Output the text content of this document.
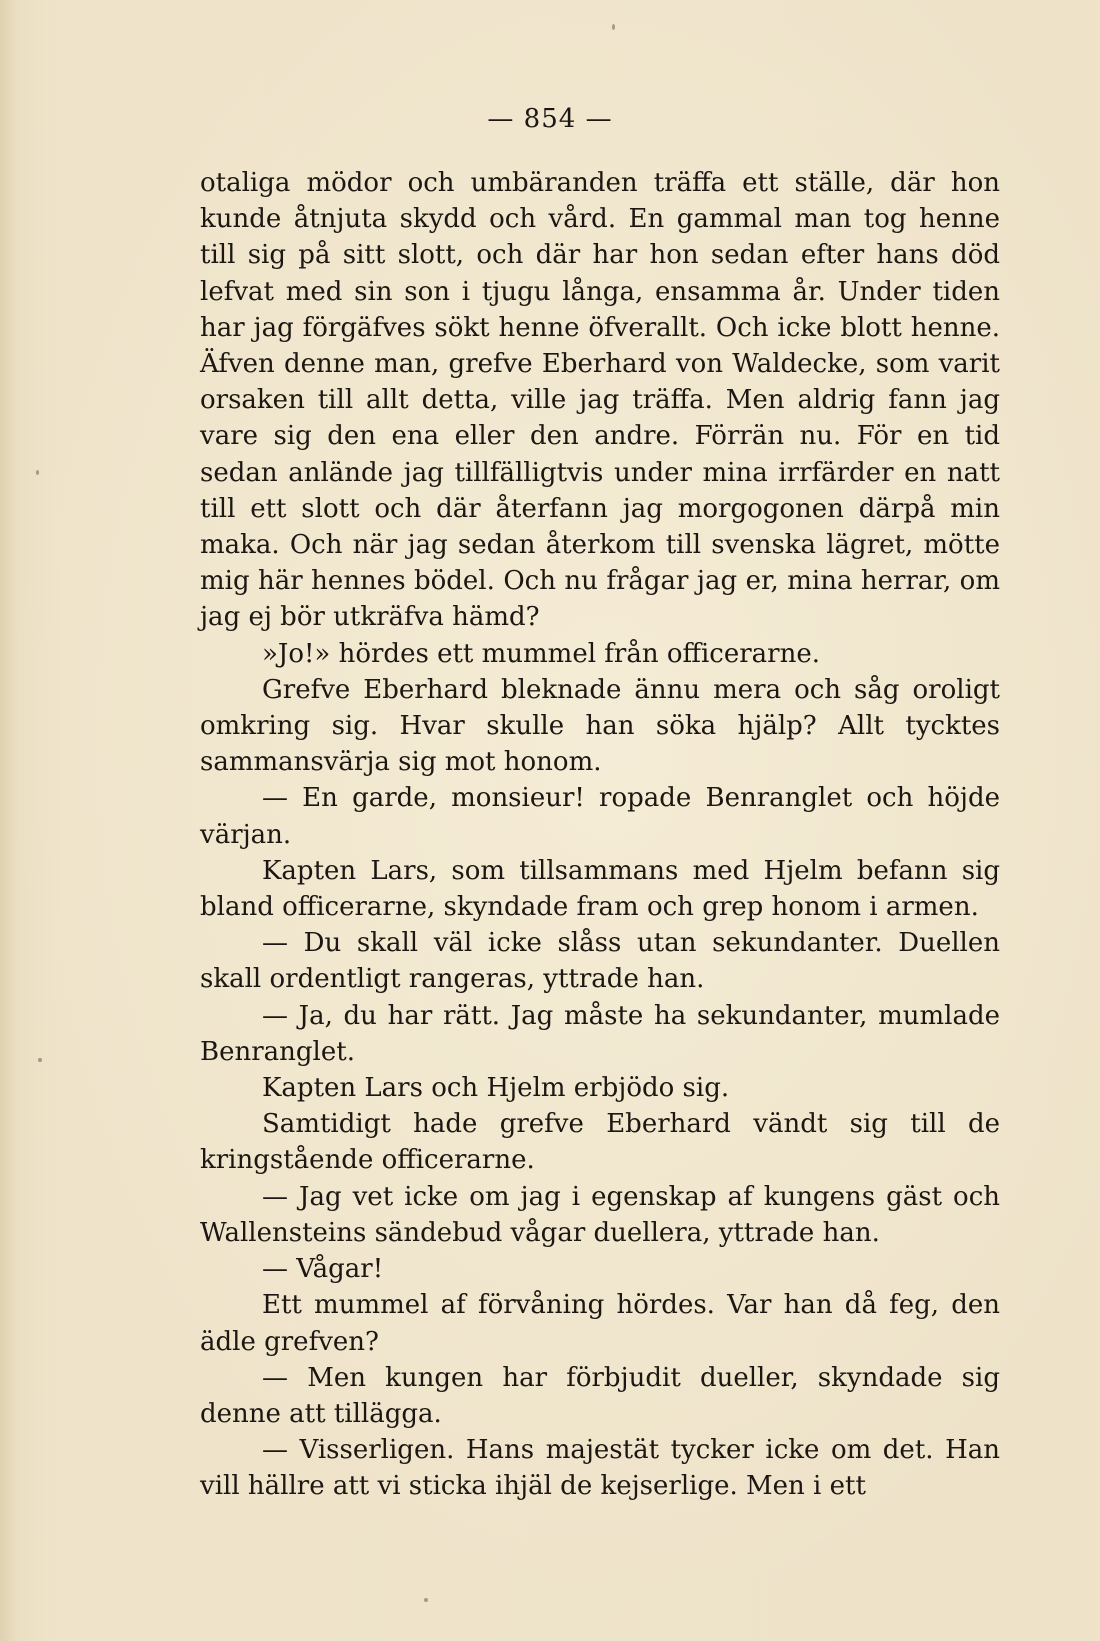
— 854 —

otaliga mödor och umbäranden träffa ett ställe, där hon kunde åtnjuta skydd och vård. En gammal man tog henne till sig på sitt slott, och där har hon sedan efter hans död lefvat med sin son i tjugu långa, ensamma år. Under tiden har jag förgäfves sökt henne öfverallt. Och icke blott henne. Äfven denne man, grefve Eberhard von Waldecke, som varit orsaken till allt detta, ville jag träffa. Men aldrig fann jag vare sig den ena eller den andre. Förrän nu. För en tid sedan anlände jag tillfälligtvis under mina irrfärder en natt till ett slott och där återfann jag morgogonen därpå min maka. Och när jag sedan återkom till svenska lägret, mötte mig här hennes bödel. Och nu frågar jag er, mina herrar, om jag ej bör utkräfva hämd?

»Jo!» hördes ett mummel från officerarne.

Grefve Eberhard bleknade ännu mera och såg oroligt omkring sig. Hvar skulle han söka hjälp? Allt tycktes sammansvärja sig mot honom.

— En garde, monsieur! ropade Benranglet och höjde värjan.

Kapten Lars, som tillsammans med Hjelm befann sig bland officerarne, skyndade fram och grep honom i armen.

— Du skall väl icke slåss utan sekundanter. Duellen skall ordentligt rangeras, yttrade han.

— Ja, du har rätt. Jag måste ha sekundanter, mumlade Benranglet.

Kapten Lars och Hjelm erbjödo sig.

Samtidigt hade grefve Eberhard vändt sig till de kringstående officerarne.

— Jag vet icke om jag i egenskap af kungens gäst och Wallensteins sändebud vågar duellera, yttrade han.

— Vågar!

Ett mummel af förvåning hördes. Var han då feg, den ädle grefven?

— Men kungen har förbjudit dueller, skyndade sig denne att tillägga.

— Visserligen. Hans majestät tycker icke om det. Han vill hällre att vi sticka ihjäl de kejserlige. Men i ett
